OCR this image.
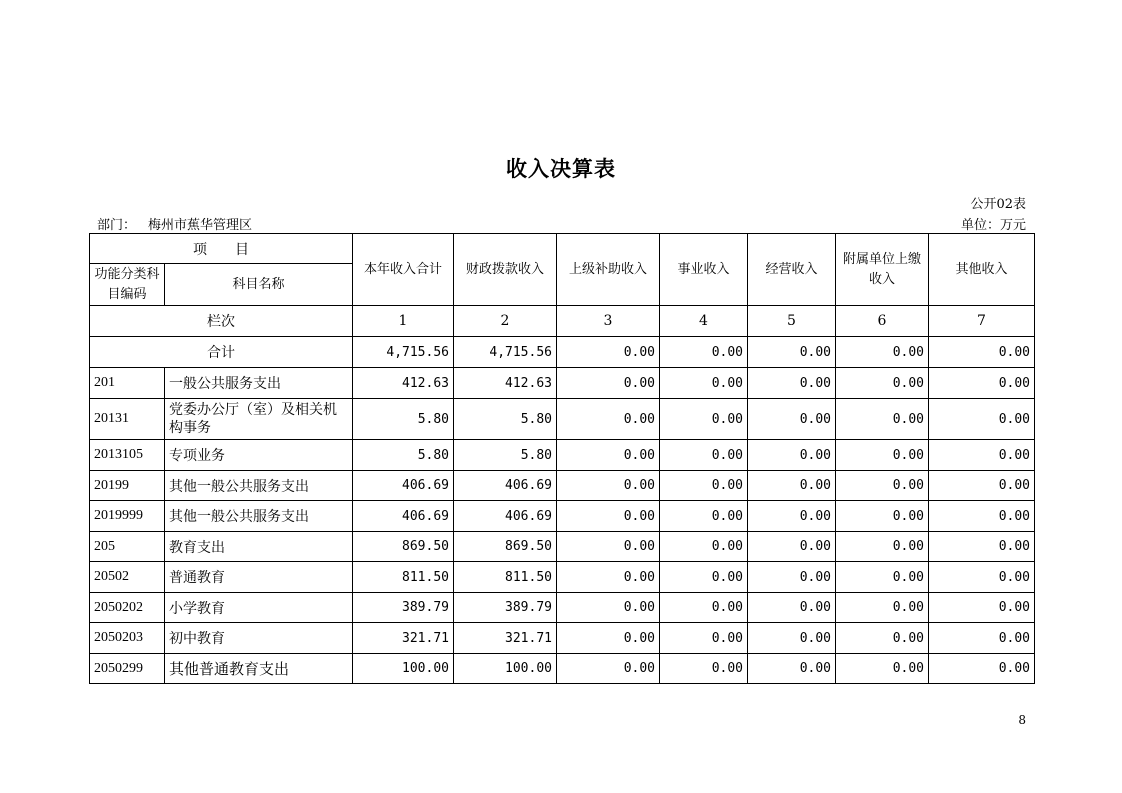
收入决算表
公开02表
部门： 梅州市蕉华管理区	单位：万元
项　　目		本年收入合计	财政拨款收入	上级补助收入	事业收入	经营收入	附属单位上缴收入	其他收入
功能分类科目编码	科目名称							
栏次		1	2	3	4	5	6	7
合计		4,715.56	4,715.56	0.00	0.00	0.00	0.00	0.00
201	一般公共服务支出	412.63	412.63	0.00	0.00	0.00	0.00	0.00
20131	党委办公厅（室）及相关机构事务	5.80	5.80	0.00	0.00	0.00	0.00	0.00
2013105	专项业务	5.80	5.80	0.00	0.00	0.00	0.00	0.00
20199	其他一般公共服务支出	406.69	406.69	0.00	0.00	0.00	0.00	0.00
2019999	其他一般公共服务支出	406.69	406.69	0.00	0.00	0.00	0.00	0.00
205	教育支出	869.50	869.50	0.00	0.00	0.00	0.00	0.00
20502	普通教育	811.50	811.50	0.00	0.00	0.00	0.00	0.00
2050202	小学教育	389.79	389.79	0.00	0.00	0.00	0.00	0.00
2050203	初中教育	321.71	321.71	0.00	0.00	0.00	0.00	0.00
2050299	其他普通教育支出	100.00	100.00	0.00	0.00	0.00	0.00	0.00
8
